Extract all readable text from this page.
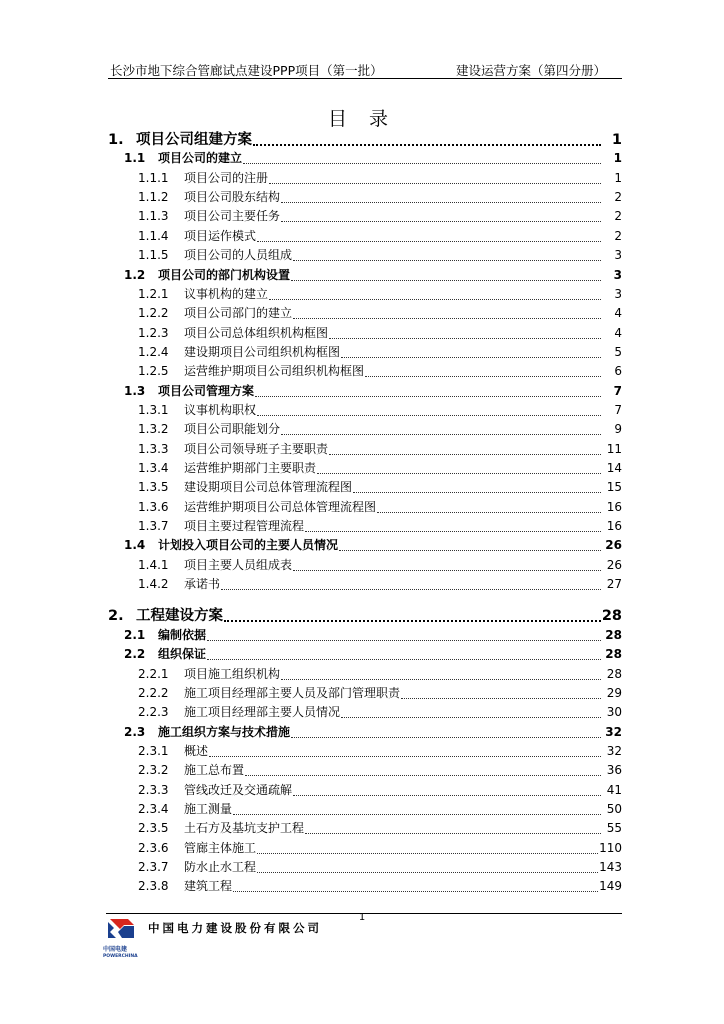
长沙市地下综合管廊试点建设PPP项目（第一批）	建设运营方案（第四分册）
目 录
1. 项目公司组建方案	1
1.1	项目公司的建立	1
1.1.1	项目公司的注册	1
1.1.2	项目公司股东结构	2
1.1.3	项目公司主要任务	2
1.1.4	项目运作模式	2
1.1.5	项目公司的人员组成	3
1.2	项目公司的部门机构设置	3
1.2.1	议事机构的建立	3
1.2.2	项目公司部门的建立	4
1.2.3	项目公司总体组织机构框图	4
1.2.4	建设期项目公司组织机构框图	5
1.2.5	运营维护期项目公司组织机构框图	6
1.3	项目公司管理方案	7
1.3.1	议事机构职权	7
1.3.2	项目公司职能划分	9
1.3.3	项目公司领导班子主要职责	11
1.3.4	运营维护期部门主要职责	14
1.3.5	建设期项目公司总体管理流程图	15
1.3.6	运营维护期项目公司总体管理流程图	16
1.3.7	项目主要过程管理流程	16
1.4	计划投入项目公司的主要人员情况	26
1.4.1	项目主要人员组成表	26
1.4.2	承诺书	27
2. 工程建设方案	28
2.1	编制依据	28
2.2	组织保证	28
2.2.1	项目施工组织机构	28
2.2.2	施工项目经理部主要人员及部门管理职责	29
2.2.3	施工项目经理部主要人员情况	30
2.3	施工组织方案与技术措施	32
2.3.1	概述	32
2.3.2	施工总布置	36
2.3.3	管线改迁及交通疏解	41
2.3.4	施工测量	50
2.3.5	土石方及基坑支护工程	55
2.3.6	管廊主体施工	110
2.3.7	防水止水工程	143
2.3.8	建筑工程	149
1
中国电建
POWERCHINA
中国电力建设股份有限公司
